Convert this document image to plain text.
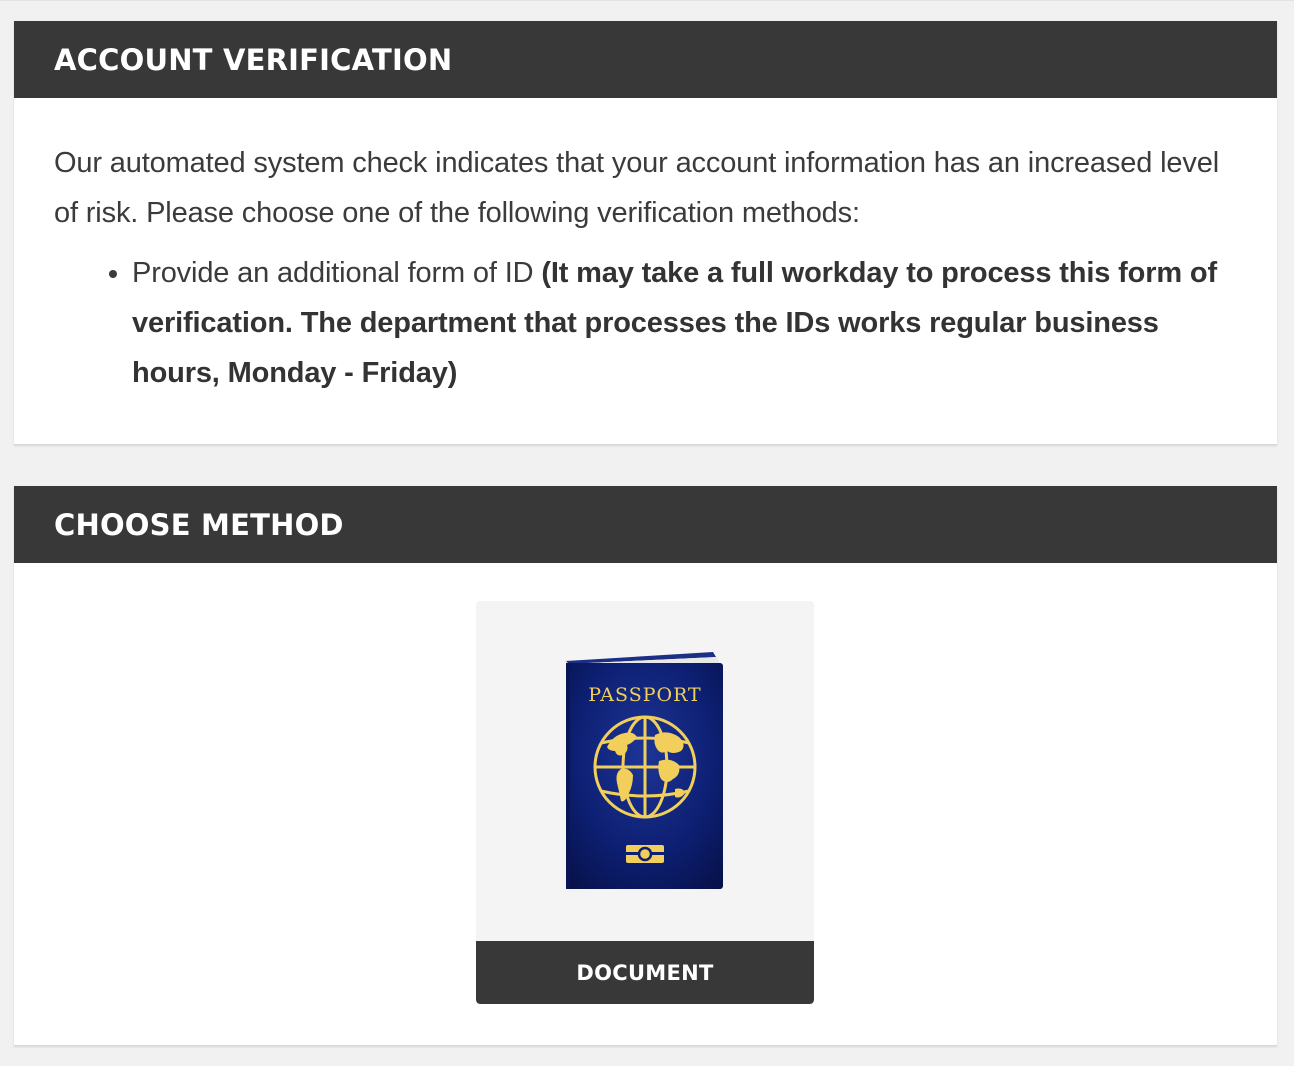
ACCOUNT VERIFICATION

Our automated system check indicates that your account information has an increased level of risk. Please choose one of the following verification methods:

• Provide an additional form of ID (It may take a full workday to process this form of verification. The department that processes the IDs works regular business hours, Monday - Friday)
CHOOSE METHOD
PASSPORT
DOCUMENT
